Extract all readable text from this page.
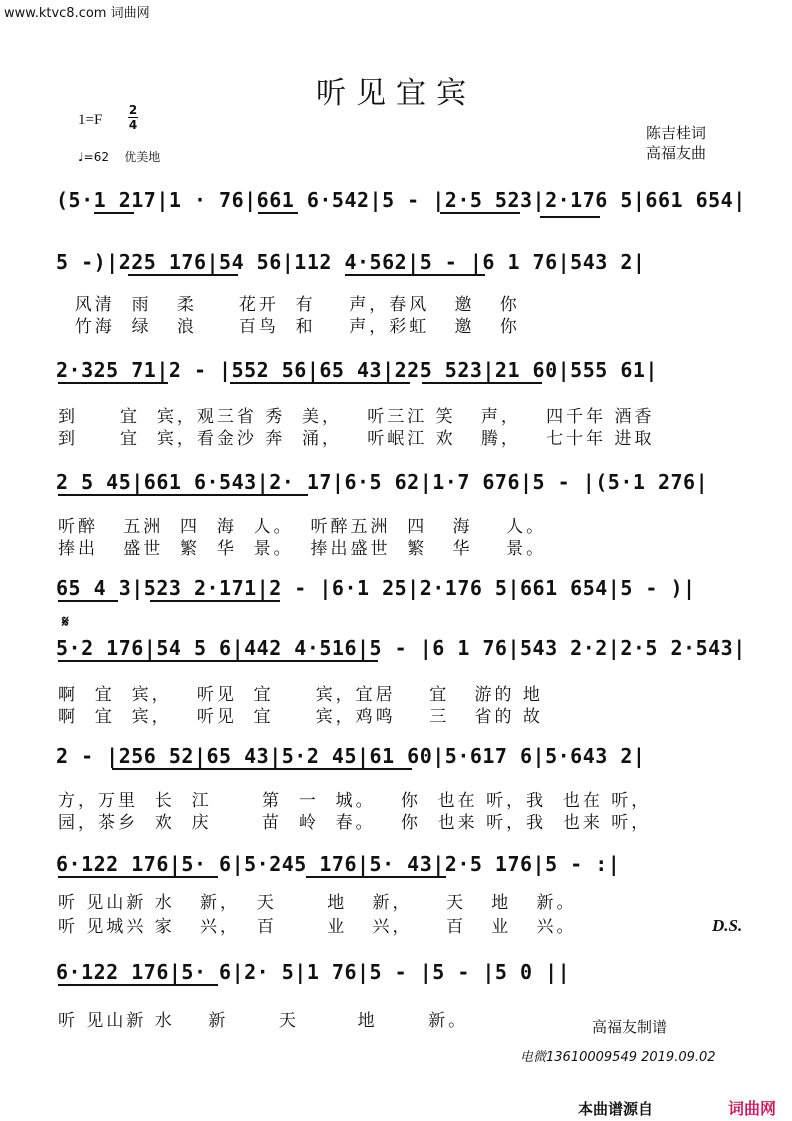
www.ktvc8.com 词曲网
听见宜宾
1=F
2
4
♩=62    优美地
陈吉桂词
高福友曲
(5·1 217|1 · 76|661 6·542|5 - |2·5 523|2·176 5|661 654|
5 -)|225 176|54 56|112 4·562|5 - |6 1 76|543 2|
风清  雨   柔     花开  有    声，春风   邀   你
竹海  绿   浪     百鸟  和    声，彩虹   邀   你
2·325 71|2 - |552 56|65 43|225 523|21 60|555 61|
到     宜  宾，观三省 秀  美，   听三江 笑   声，   四千年 酒香
到     宜  宾，看金沙 奔  涌，   听岷江 欢   腾，   七十年 进取
2 5 45|661 6·543|2· 17|6·5 62|1·7 676|5 - |(5·1 276|
听醉   五洲  四  海  人。  听醉五洲  四   海    人。
捧出   盛世  繁  华  景。  捧出盛世  繁   华    景。
65 4 3|523 2·171|2 - |6·1 25|2·176 5|661 654|5 - )|
𝄋
5·2 176|54 5 6|442 4·516|5 - |6 1 76|543 2·2|2·5 2·543|
啊  宜  宾，   听见  宜     宾，宜居    宜   游的 地
啊  宜  宾，   听见  宜     宾，鸡鸣    三   省的 故
2 - |256 52|65 43|5·2 45|61 60|5·617 6|5·643 2|
方，万里  长  江      第  一  城。   你  也在 听，我  也在 听，
园，茶乡  欢  庆      苗  岭  春。   你  也来 听，我  也来 听，
6·122 176|5· 6|5·245 176|5· 43|2·5 176|5 - :|
听 见山新 水   新，  天      地   新，    天   地   新。
听 见城兴 家   兴，  百      业   兴，    百   业   兴。	D.S.
6·122 176|5· 6|2· 5|1 76|5 - |5 - |5 0 ||
听 见山新 水    新      天       地      新。	高福友制谱
电微13610009549 2019.09.02
本曲谱源自	词曲网
